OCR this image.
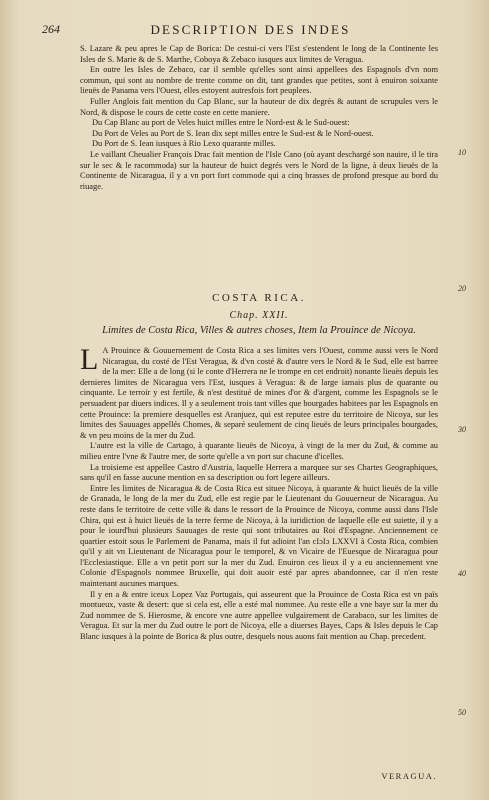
264	DESCRIPTION DES INDES

S. Lazare & peu apres le Cap de Borica: De cestui-ci vers l'Est s'estendent le long de la Continente les Isles de S. Marie & de S. Marthe, Coboya & Zebaco iusques aux limites de Veragua.

En outre les Isles de Zebaco, car il semble qu'elles sont ainsi appellees des Espagnols d'vn nom commun, qui sont au nombre de trente comme on dit, tant grandes que petites, sont à enuiron soixante lieuës de Panama vers l'Ouest, elles estoyent autresfois fort peuplees.

Fuller Anglois fait mention du Cap Blanc, sur la hauteur de dix degrés & autant de scrupules vers le Nord, & dispose le cours de cette coste en cette maniere.

Du Cap Blanc au port de Veles huict milles entre le Nord-est & le Sud-ouest:

Du Port de Veles au Port de S. Iean dix sept milles entre le Sud-est & le Nord-ouest.

Du Port de S. Iean iusques à Rio Lexo quarante milles.

Le vaillant Cheualier François Drac fait mention de l'Isle Cano (où ayant deschargé son nauire, il le tira sur le sec & le racommoda) sur la hauteur de huict degrés vers le Nord de la ligne, à deux lieuës de la Continente de Nicaragua, il y a vn port fort commode qui a cinq brasses de profond presque au bord du riuage.

COSTA RICA.
Chap. XXII.
Limites de Costa Rica, Villes & autres choses, Item la Prouince de Nicoya.

L A Prouince & Gouuernement de Costa Rica a ses limites vers l'Ouest, comme aussi vers le Nord Nicaragua, du costé de l'Est Veragua, & d'vn costé & d'autre vers le Nord & le Sud, elle est barree de la mer: Elle a de long (si le conte d'Herrera ne le trompe en cet endroit) nonante lieuës depuis les dernieres limites de Nicaragua vers l'Est, iusques à Veragua: & de large iamais plus de quarante ou cinquante. Le terroir y est fertile, & n'est destitué de mines d'or & d'argent, comme les Espagnols se le persuadent par diuers indices. Il y a seulement trois tant villes que bourgades habitees par les Espagnols en cette Prouince: la premiere desquelles est Aranjuez, qui est reputee estre du territoire de Nicoya, sur les limites des Sauuages appellés Chomes, & separé seulement de cinq lieuës de leurs principales bourgades, & vn peu moins de la mer du Zud.

L'autre est la ville de Cartago, à quarante lieuës de Nicoya, à vingt de la mer du Zud, & comme au milieu entre l'vne & l'autre mer, de sorte qu'elle a vn port sur chacune d'icelles.

La troisieme est appellee Castro d'Austria, laquelle Herrera a marquee sur ses Chartes Geographiques, sans qu'il en fasse aucune mention en sa description ou fort legere ailleurs.

Entre les limites de Nicaragua & de Costa Rica est situee Nicoya, à quarante & huict lieuës de la ville de Granada, le long de la mer du Zud, elle est regie par le Lieutenant du Gouuerneur de Nicaragua. Au reste dans le territoire de cette ville & dans le ressort de la Prouince de Nicoya, comme aussi dans l'Isle Chira, qui est à huict lieuës de la terre ferme de Nicoya, à la iuridiction de laquelle elle est suiette, il y a pour le iourd'hui plusieurs Sauuages de reste qui sont tributaires au Roi d'Espagne. Anciennement ce quartier estoit sous le Parlement de Panama, mais il fut adioint l'an cIɔIɔ LXXVI à Costa Rica, combien qu'il y ait vn Lieutenant de Nicaragua pour le temporel, & vn Vicaire de l'Euesque de Nicaragua pour l'Ecclesiastique. Elle a vn petit port sur la mer du Zud. Enuiron ces lieux il y a eu anciennement vne Colonie d'Espagnols nommee Bruxelle, qui doit auoir esté par apres abandonnee, car il n'en reste maintenant aucunes marques.

Il y en a & entre iceux Lopez Vaz Portugais, qui asseurent que la Prouince de Costa Rica est vn païs montueux, vaste & desert: que si cela est, elle a esté mal nommee. Au reste elle a vne baye sur la mer du Zud nommee de S. Hierosme, & encore vne autre appellee vulgairement de Carabaco, sur les limites de Veragua. Et sur la mer du Zud outre le port de Nicoya, elle a diuerses Bayes, Caps & Isles depuis le Cap Blanc iusques à la pointe de Borica & plus outre, desquels nous auons fait mention au Chap. precedent.

10
20
30
40
50
VERAGUA.
